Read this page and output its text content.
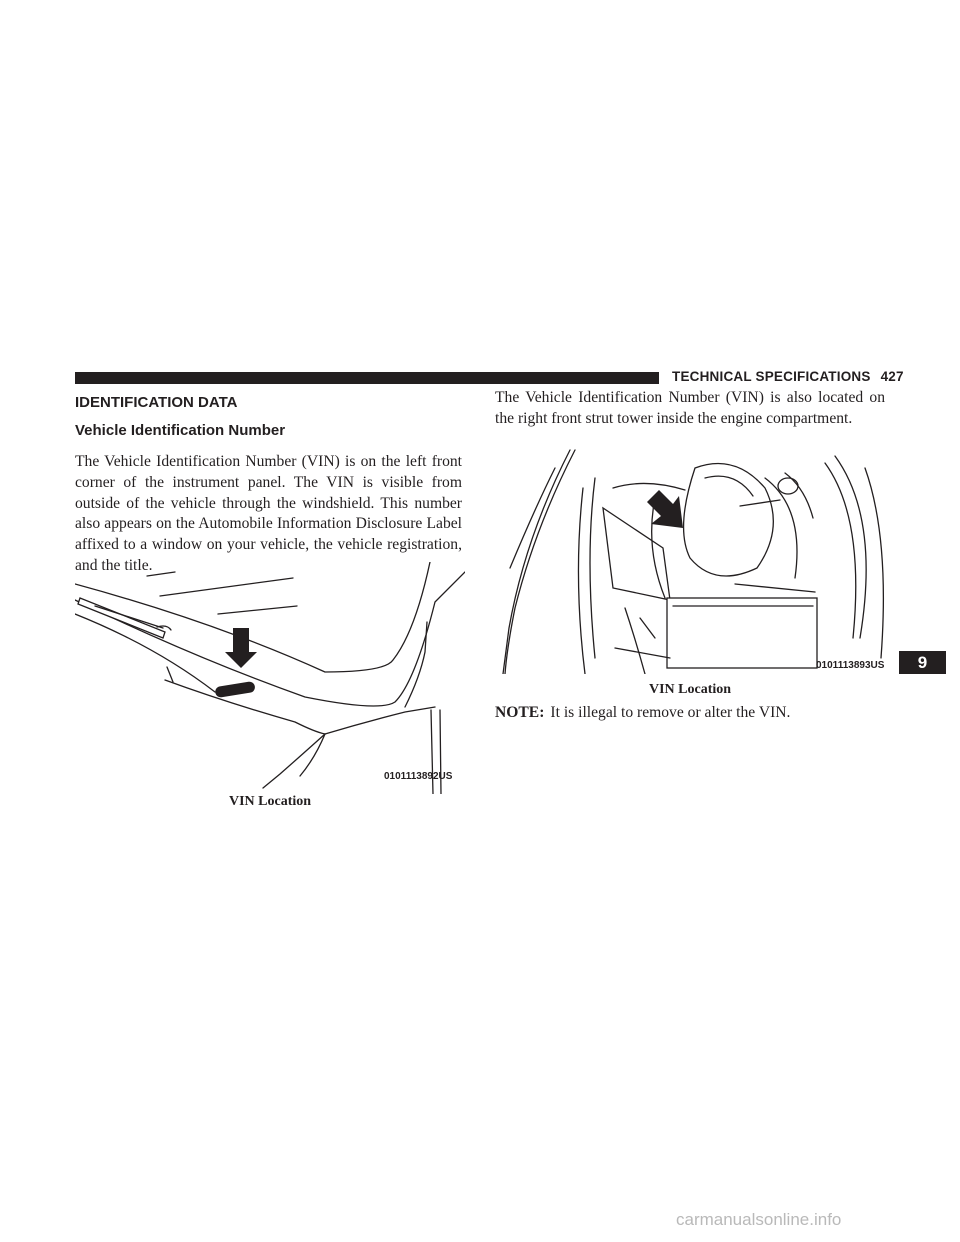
TECHNICAL SPECIFICATIONS 427
IDENTIFICATION DATA
Vehicle Identification Number

The Vehicle Identification Number (VIN) is on the left front corner of the instrument panel. The VIN is visible from outside of the vehicle through the windshield. This number also appears on the Automobile Information Disclosure Label affixed to a window on your vehicle, the vehicle registration, and the title.

0101113892US
VIN Location

The Vehicle Identification Number (VIN) is also located on the right front strut tower inside the engine compartment.

0101113893US
VIN Location
NOTE: It is illegal to remove or alter the VIN.
9
carmanualsonline.info
